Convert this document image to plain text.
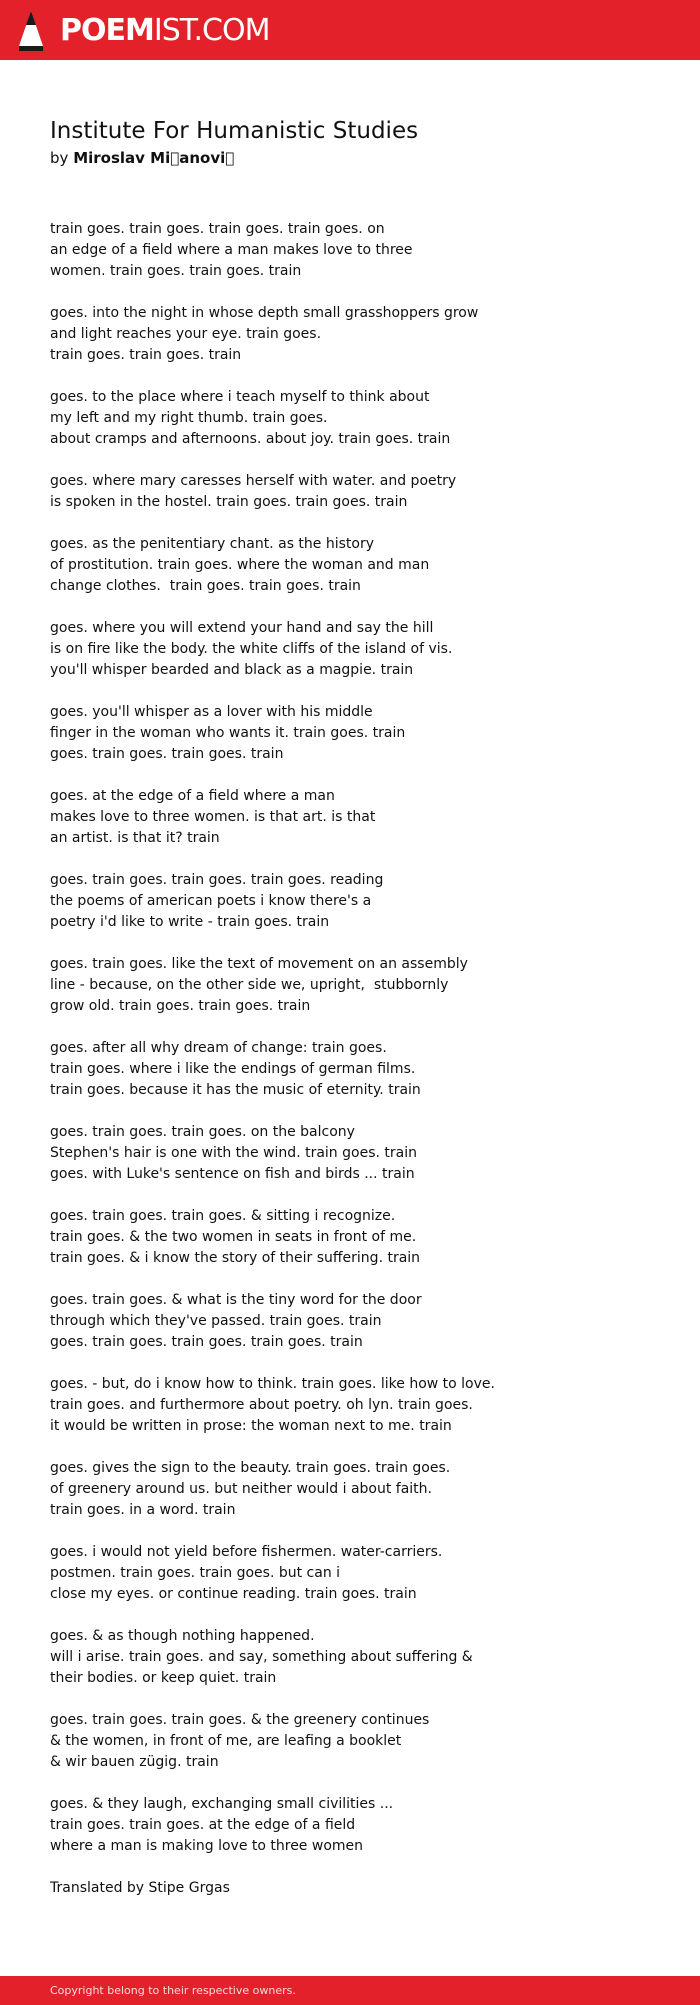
POEMIST.COM
Institute For Humanistic Studies
by Miroslav Mi anovi 
train goes. train goes. train goes. train goes. on
an edge of a field where a man makes love to three
women. train goes. train goes. train
goes. into the night in whose depth small grasshoppers grow
and light reaches your eye. train goes.
train goes. train goes. train
goes. to the place where i teach myself to think about
my left and my right thumb. train goes.
about cramps and afternoons. about joy. train goes. train
goes. where mary caresses herself with water. and poetry
is spoken in the hostel. train goes. train goes. train
goes. as the penitentiary chant. as the history
of prostitution. train goes. where the woman and man
change clothes.  train goes. train goes. train
goes. where you will extend your hand and say the hill
is on fire like the body. the white cliffs of the island of vis.
you'll whisper bearded and black as a magpie. train
goes. you'll whisper as a lover with his middle
finger in the woman who wants it. train goes. train
goes. train goes. train goes. train
goes. at the edge of a field where a man
makes love to three women. is that art. is that
an artist. is that it? train
goes. train goes. train goes. train goes. reading
the poems of american poets i know there's a
poetry i'd like to write - train goes. train
goes. train goes. like the text of movement on an assembly
line - because, on the other side we, upright,  stubbornly
grow old. train goes. train goes. train
goes. after all why dream of change: train goes.
train goes. where i like the endings of german films.
train goes. because it has the music of eternity. train
goes. train goes. train goes. on the balcony
Stephen's hair is one with the wind. train goes. train
goes. with Luke's sentence on fish and birds ... train
goes. train goes. train goes. & sitting i recognize.
train goes. & the two women in seats in front of me.
train goes. & i know the story of their suffering. train
goes. train goes. & what is the tiny word for the door
through which they've passed. train goes. train
goes. train goes. train goes. train goes. train
goes. - but, do i know how to think. train goes. like how to love.
train goes. and furthermore about poetry. oh lyn. train goes.
it would be written in prose: the woman next to me. train
goes. gives the sign to the beauty. train goes. train goes.
of greenery around us. but neither would i about faith.
train goes. in a word. train
goes. i would not yield before fishermen. water-carriers.
postmen. train goes. train goes. but can i
close my eyes. or continue reading. train goes. train
goes. & as though nothing happened.
will i arise. train goes. and say, something about suffering &
their bodies. or keep quiet. train
goes. train goes. train goes. & the greenery continues
& the women, in front of me, are leafing a booklet
& wir bauen zügig. train
goes. & they laugh, exchanging small civilities ...
train goes. train goes. at the edge of a field
where a man is making love to three women

Translated by Stipe Grgas

Copyright belong to their respective owners.
